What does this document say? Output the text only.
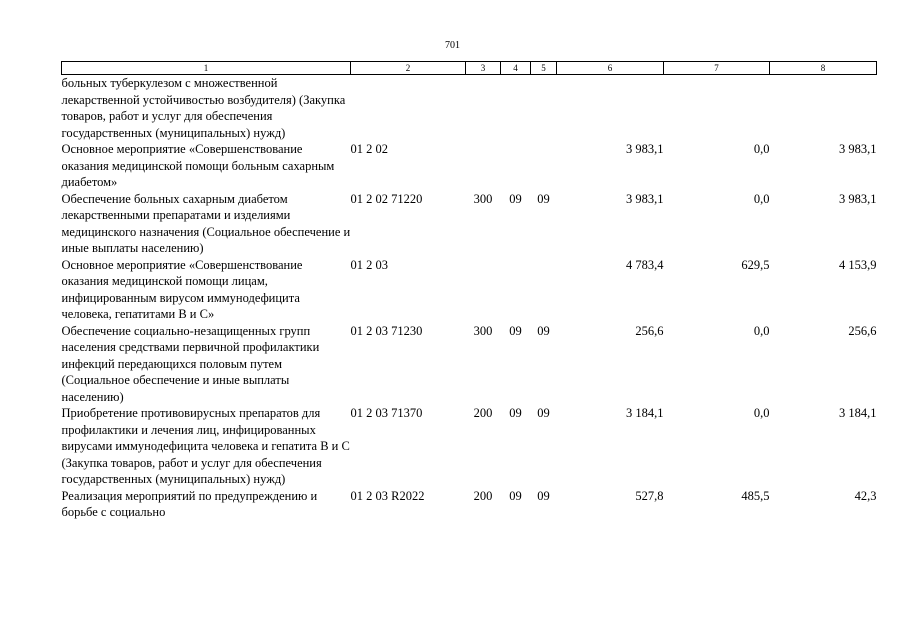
701
1	2	3	4	5	6	7	8
больных туберкулезом с множественной лекарственной устойчивостью возбудителя) (Закупка товаров, работ и услуг для обеспечения государственных (муниципальных) нужд)							
Основное мероприятие «Совершенствование оказания медицинской помощи больным сахарным диабетом»	01 2 02				3 983,1	0,0	3 983,1
Обеспечение больных сахарным диабетом лекарственными препаратами и изделиями медицинского назначения (Социальное обеспечение и иные выплаты населению)	01 2 02 71220	300	09	09	3 983,1	0,0	3 983,1
Основное мероприятие «Совершенствование оказания медицинской помощи лицам, инфицированным вирусом иммунодефицита человека, гепатитами B и C»	01 2 03				4 783,4	629,5	4 153,9
Обеспечение социально-незащищенных групп населения средствами первичной профилактики инфекций передающихся половым путем (Социальное обеспечение и иные выплаты населению)	01 2 03 71230	300	09	09	256,6	0,0	256,6
Приобретение противовирусных препаратов для профилактики и лечения лиц, инфицированных вирусами иммунодефицита человека и гепатита B и C (Закупка товаров, работ и услуг для обеспечения государственных (муниципальных) нужд)	01 2 03 71370	200	09	09	3 184,1	0,0	3 184,1
Реализация мероприятий по предупреждению и борьбе с социально	01 2 03 R2022	200	09	09	527,8	485,5	42,3
